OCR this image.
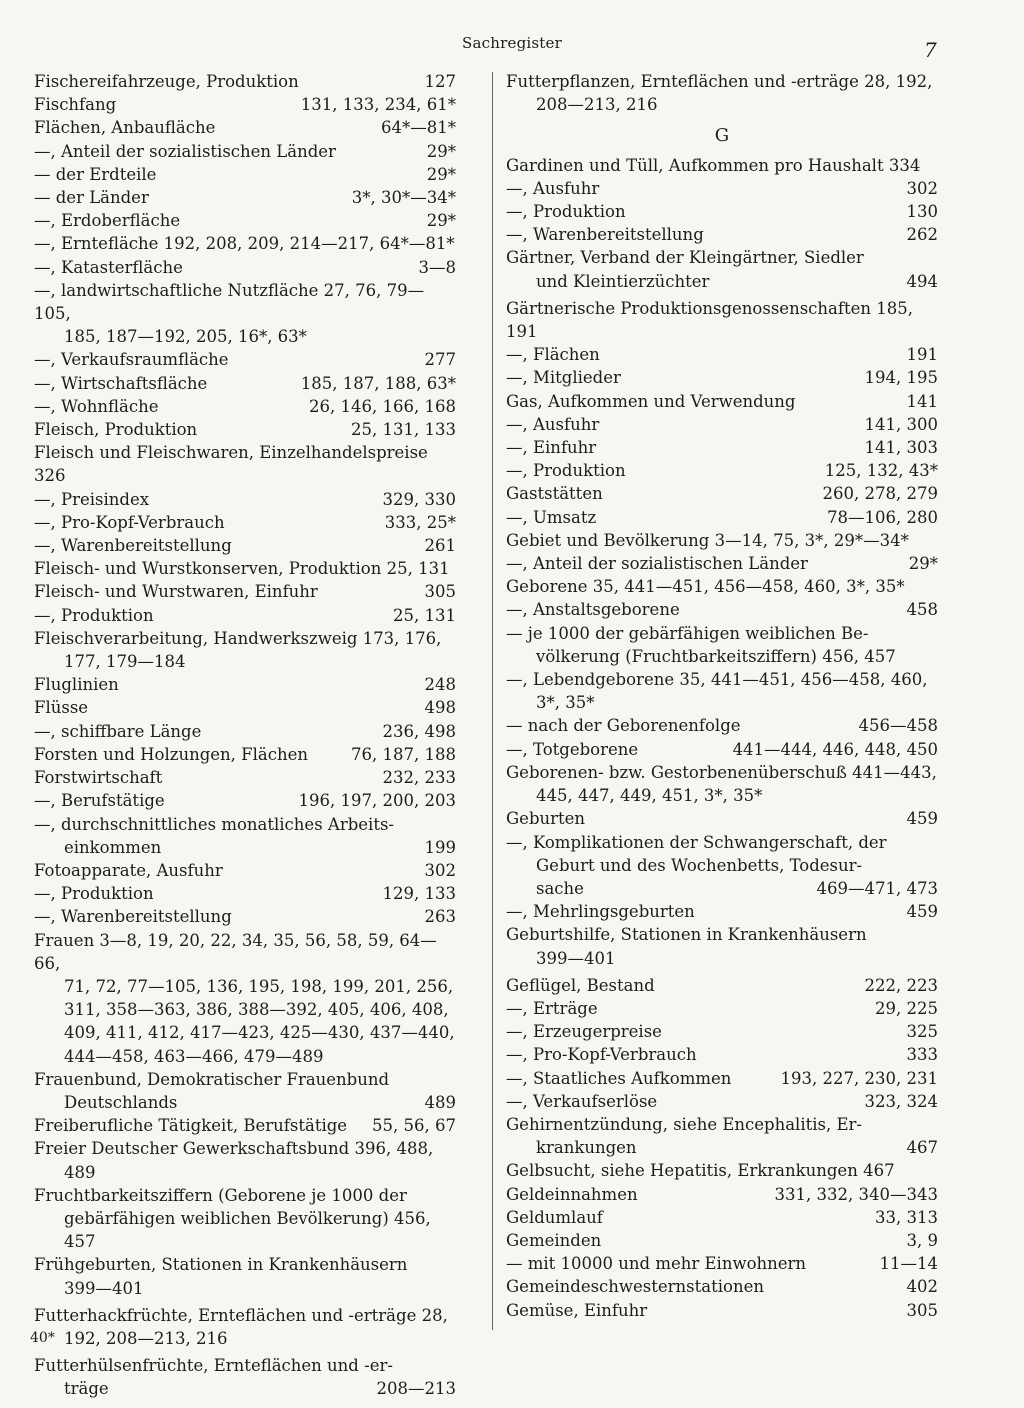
Sachregister	7
Fischereifahrzeuge, Produktion	127
Fischfang	131, 133, 234, 61*
Flächen, Anbaufläche	64*—81*
—, Anteil der sozialistischen Länder	29*
— der Erdteile	29*
— der Länder	3*, 30*—34*
—, Erdoberfläche	29*
—, Erntefläche 192, 208, 209, 214—217, 64*—81*
—, Katasterfläche	3—8
—, landwirtschaftliche Nutzfläche 27, 76, 79—105,
185, 187—192, 205, 16*, 63*
—, Verkaufsraumfläche	277
—, Wirtschaftsfläche	185, 187, 188, 63*
—, Wohnfläche	26, 146, 166, 168
Fleisch, Produktion	25, 131, 133
Fleisch und Fleischwaren, Einzelhandelspreise 326
—, Preisindex	329, 330
—, Pro-Kopf-Verbrauch	333, 25*
—, Warenbereitstellung	261
Fleisch- und Wurstkonserven, Produktion 25, 131
Fleisch- und Wurstwaren, Einfuhr	305
—, Produktion	25, 131
Fleischverarbeitung, Handwerkszweig 173, 176,
177, 179—184
Fluglinien	248
Flüsse	498
—, schiffbare Länge	236, 498
Forsten und Holzungen, Flächen	76, 187, 188
Forstwirtschaft	232, 233
—, Berufstätige	196, 197, 200, 203
—, durchschnittliches monatliches Arbeits-
einkommen	199
Fotoapparate, Ausfuhr	302
—, Produktion	129, 133
—, Warenbereitstellung	263
Frauen 3—8, 19, 20, 22, 34, 35, 56, 58, 59, 64—66,
71, 72, 77—105, 136, 195, 198, 199, 201, 256,
311, 358—363, 386, 388—392, 405, 406, 408,
409, 411, 412, 417—423, 425—430, 437—440,
444—458, 463—466, 479—489
Frauenbund, Demokratischer Frauenbund
Deutschlands	489
Freiberufliche Tätigkeit, Berufstätige	55, 56, 67
Freier Deutscher Gewerkschaftsbund 396, 488,
489
Fruchtbarkeitsziffern (Geborene je 1000 der
gebärfähigen weiblichen Bevölkerung) 456, 457
Frühgeburten, Stationen in Krankenhäusern
399—401
Futterhackfrüchte, Ernteflächen und -erträge 28,
192, 208—213, 216
Futterhülsenfrüchte, Ernteflächen und -er-
träge	208—213
Futterpflanzen, Ernteflächen und -erträge 28, 192,
208—213, 216
G
Gardinen und Tüll, Aufkommen pro Haushalt 334
—, Ausfuhr	302
—, Produktion	130
—, Warenbereitstellung	262
Gärtner, Verband der Kleingärtner, Siedler
und Kleintierzüchter	494
Gärtnerische Produktionsgenossenschaften 185, 191
—, Flächen	191
—, Mitglieder	194, 195
Gas, Aufkommen und Verwendung	141
—, Ausfuhr	141, 300
—, Einfuhr	141, 303
—, Produktion	125, 132, 43*
Gaststätten	260, 278, 279
—, Umsatz	78—106, 280
Gebiet und Bevölkerung 3—14, 75, 3*, 29*—34*
—, Anteil der sozialistischen Länder	29*
Geborene 35, 441—451, 456—458, 460, 3*, 35*
—, Anstaltsgeborene	458
— je 1000 der gebärfähigen weiblichen Be-
völkerung (Fruchtbarkeitsziffern) 456, 457
—, Lebendgeborene 35, 441—451, 456—458, 460,
3*, 35*
— nach der Geborenenfolge	456—458
—, Totgeborene	441—444, 446, 448, 450
Geborenen- bzw. Gestorbenenüberschuß 441—443,
445, 447, 449, 451, 3*, 35*
Geburten	459
—, Komplikationen der Schwangerschaft, der
Geburt und des Wochenbetts, Todesur-
sache	469—471, 473
—, Mehrlingsgeburten	459
Geburtshilfe, Stationen in Krankenhäusern
399—401
Geflügel, Bestand	222, 223
—, Erträge	29, 225
—, Erzeugerpreise	325
—, Pro-Kopf-Verbrauch	333
—, Staatliches Aufkommen	193, 227, 230, 231
—, Verkaufserlöse	323, 324
Gehirnentzündung, siehe Encephalitis, Er-
krankungen	467
Gelbsucht, siehe Hepatitis, Erkrankungen 467
Geldeinnahmen	331, 332, 340—343
Geldumlauf	33, 313
Gemeinden	3, 9
— mit 10000 und mehr Einwohnern	11—14
Gemeindeschwesternstationen	402
Gemüse, Einfuhr	305
40*
